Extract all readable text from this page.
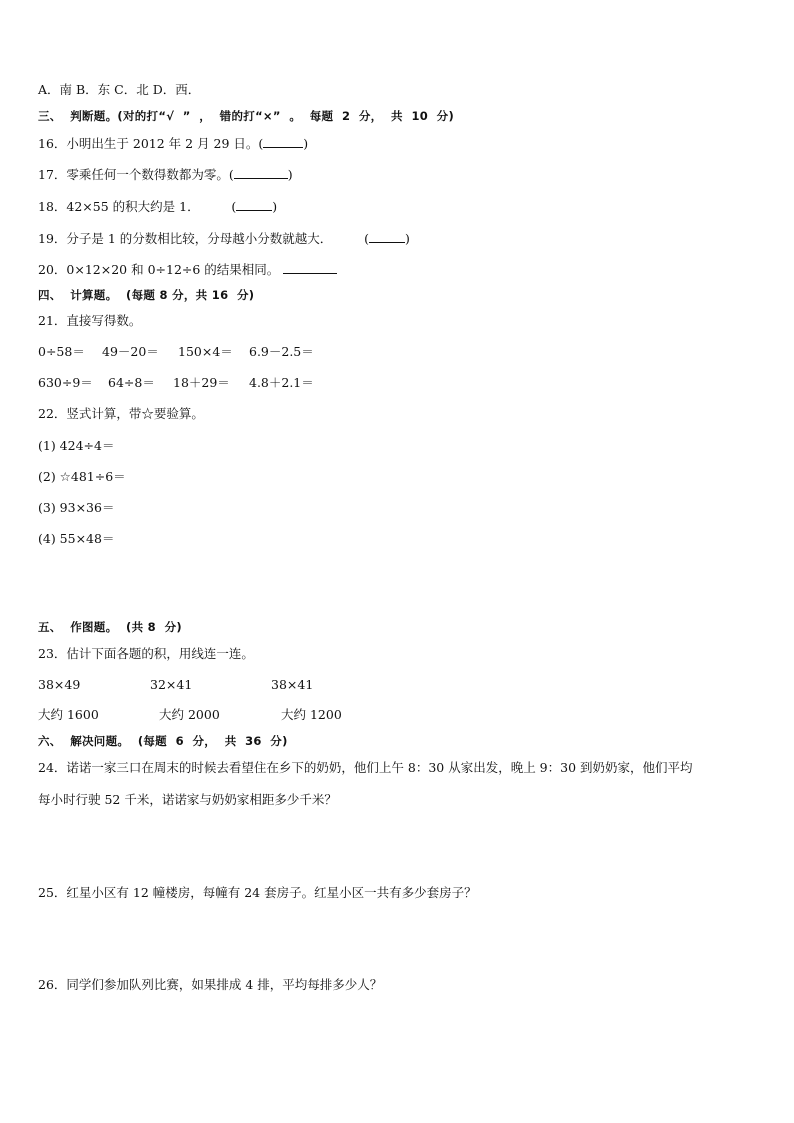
A．南 B．东 C．北 D．西．
三、  判断题。(对的打“√  ”  ，  错的打“×”  。  每题  2  分，  共  10  分)
16．小明出生于 2012 年 2 月 29 日。(	)
17．零乘任何一个数得数都为零。(	)
18．42×55 的积大约是 1．        (	)
19．分子是 1 的分数相比较，分母越小分数就越大．        (	)
20．0×12×20 和 0÷12÷6 的结果相同。
四、  计算题。  (每题 8 分，共 16  分)
21．直接写得数。
0÷58＝ 49－20＝ 150×4＝ 6.9－2.5＝
630÷9＝ 64÷8＝ 18＋29＝ 4.8＋2.1＝
22．竖式计算，带☆要验算。
(1) 424÷4＝
(2) ☆481÷6＝
(3) 93×36＝
(4) 55×48＝
五、  作图题。  (共 8  分)
23．估计下面各题的积，用线连一连。
38×49	32×41	38×41
大约 1600	大约 2000	大约 1200
六、  解决问题。  (每题  6  分，  共  36  分)
24．诺诺一家三口在周末的时候去看望住在乡下的奶奶，他们上午 8：30 从家出发，晚上 9：30 到奶奶家，他们平均
每小时行驶 52 千米，诺诺家与奶奶家相距多少千米？
25．红星小区有 12 幢楼房，每幢有 24 套房子。红星小区一共有多少套房子？
26．同学们参加队列比赛，如果排成 4 排，平均每排多少人？
